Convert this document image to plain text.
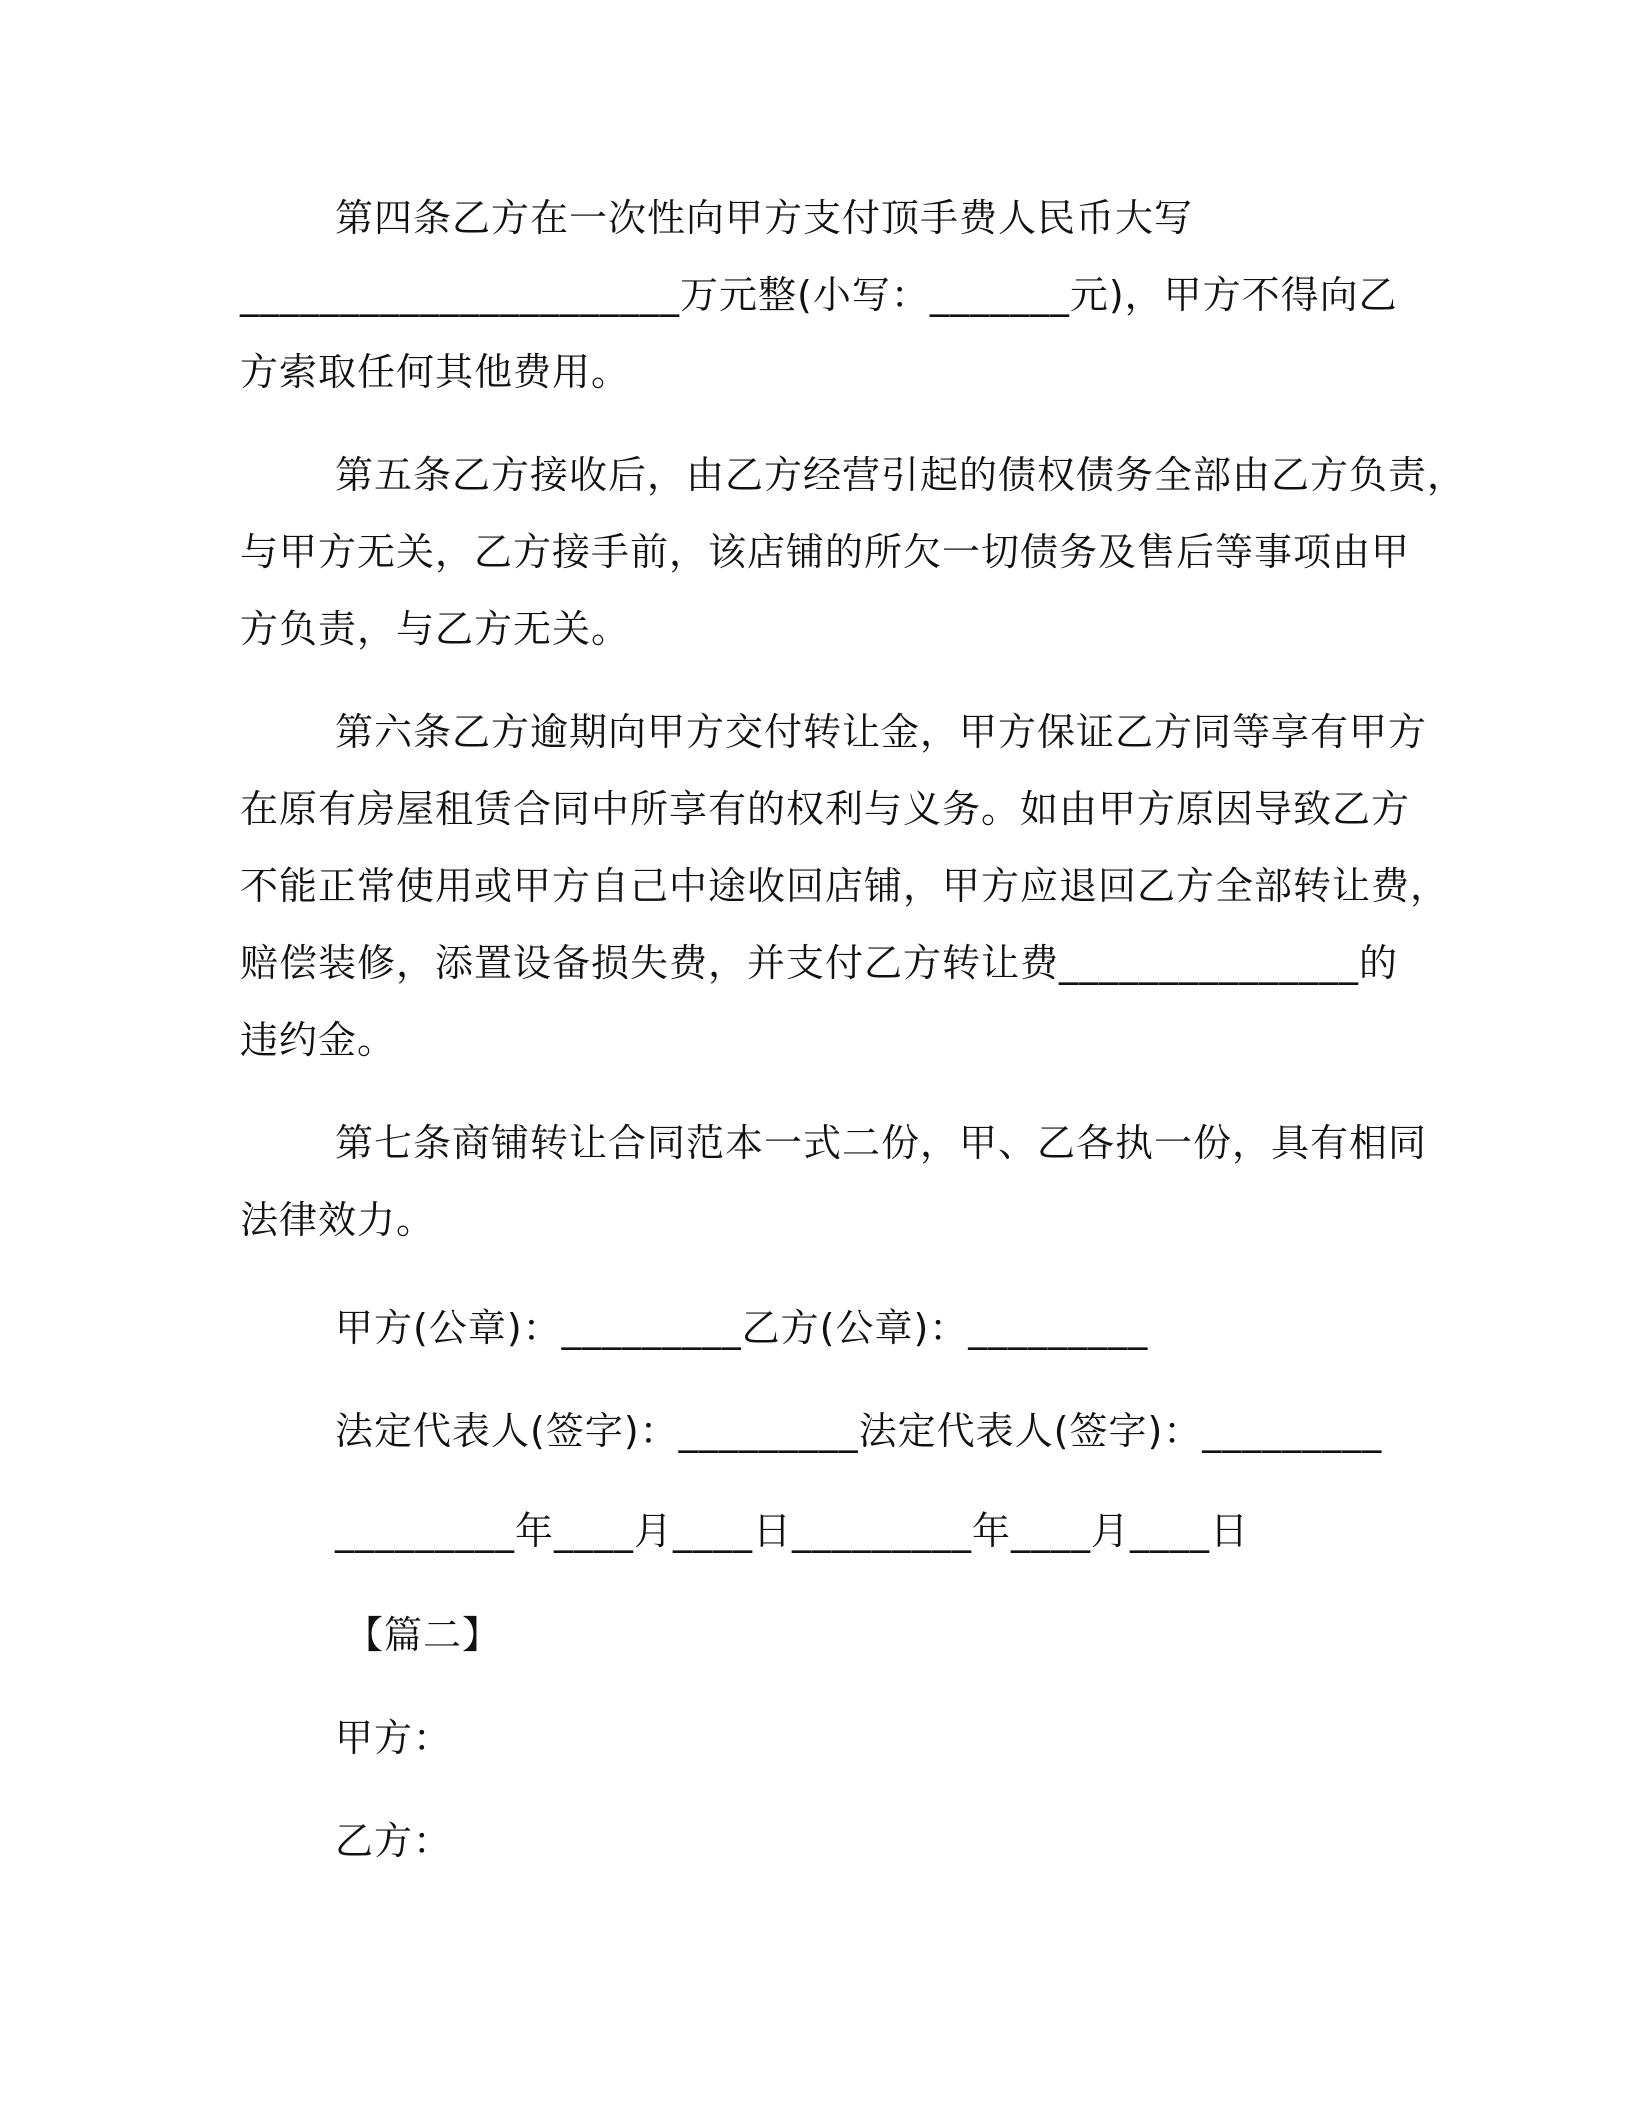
第四条乙方在一次性向甲方支付顶手费人民币大写
______________________万元整(小写：_______元)，甲方不得向乙
方索取任何其他费用。
第五条乙方接收后，由乙方经营引起的债权债务全部由乙方负责，
与甲方无关，乙方接手前，该店铺的所欠一切债务及售后等事项由甲
方负责，与乙方无关。
第六条乙方逾期向甲方交付转让金，甲方保证乙方同等享有甲方
在原有房屋租赁合同中所享有的权利与义务。如由甲方原因导致乙方
不能正常使用或甲方自己中途收回店铺，甲方应退回乙方全部转让费，
赔偿装修，添置设备损失费，并支付乙方转让费_______________的
违约金。
第七条商铺转让合同范本一式二份，甲、乙各执一份，具有相同
法律效力。
甲方(公章)：_________乙方(公章)：_________
法定代表人(签字)：_________法定代表人(签字)：_________
_________年____月____日_________年____月____日
【篇二】
甲方：
乙方：
